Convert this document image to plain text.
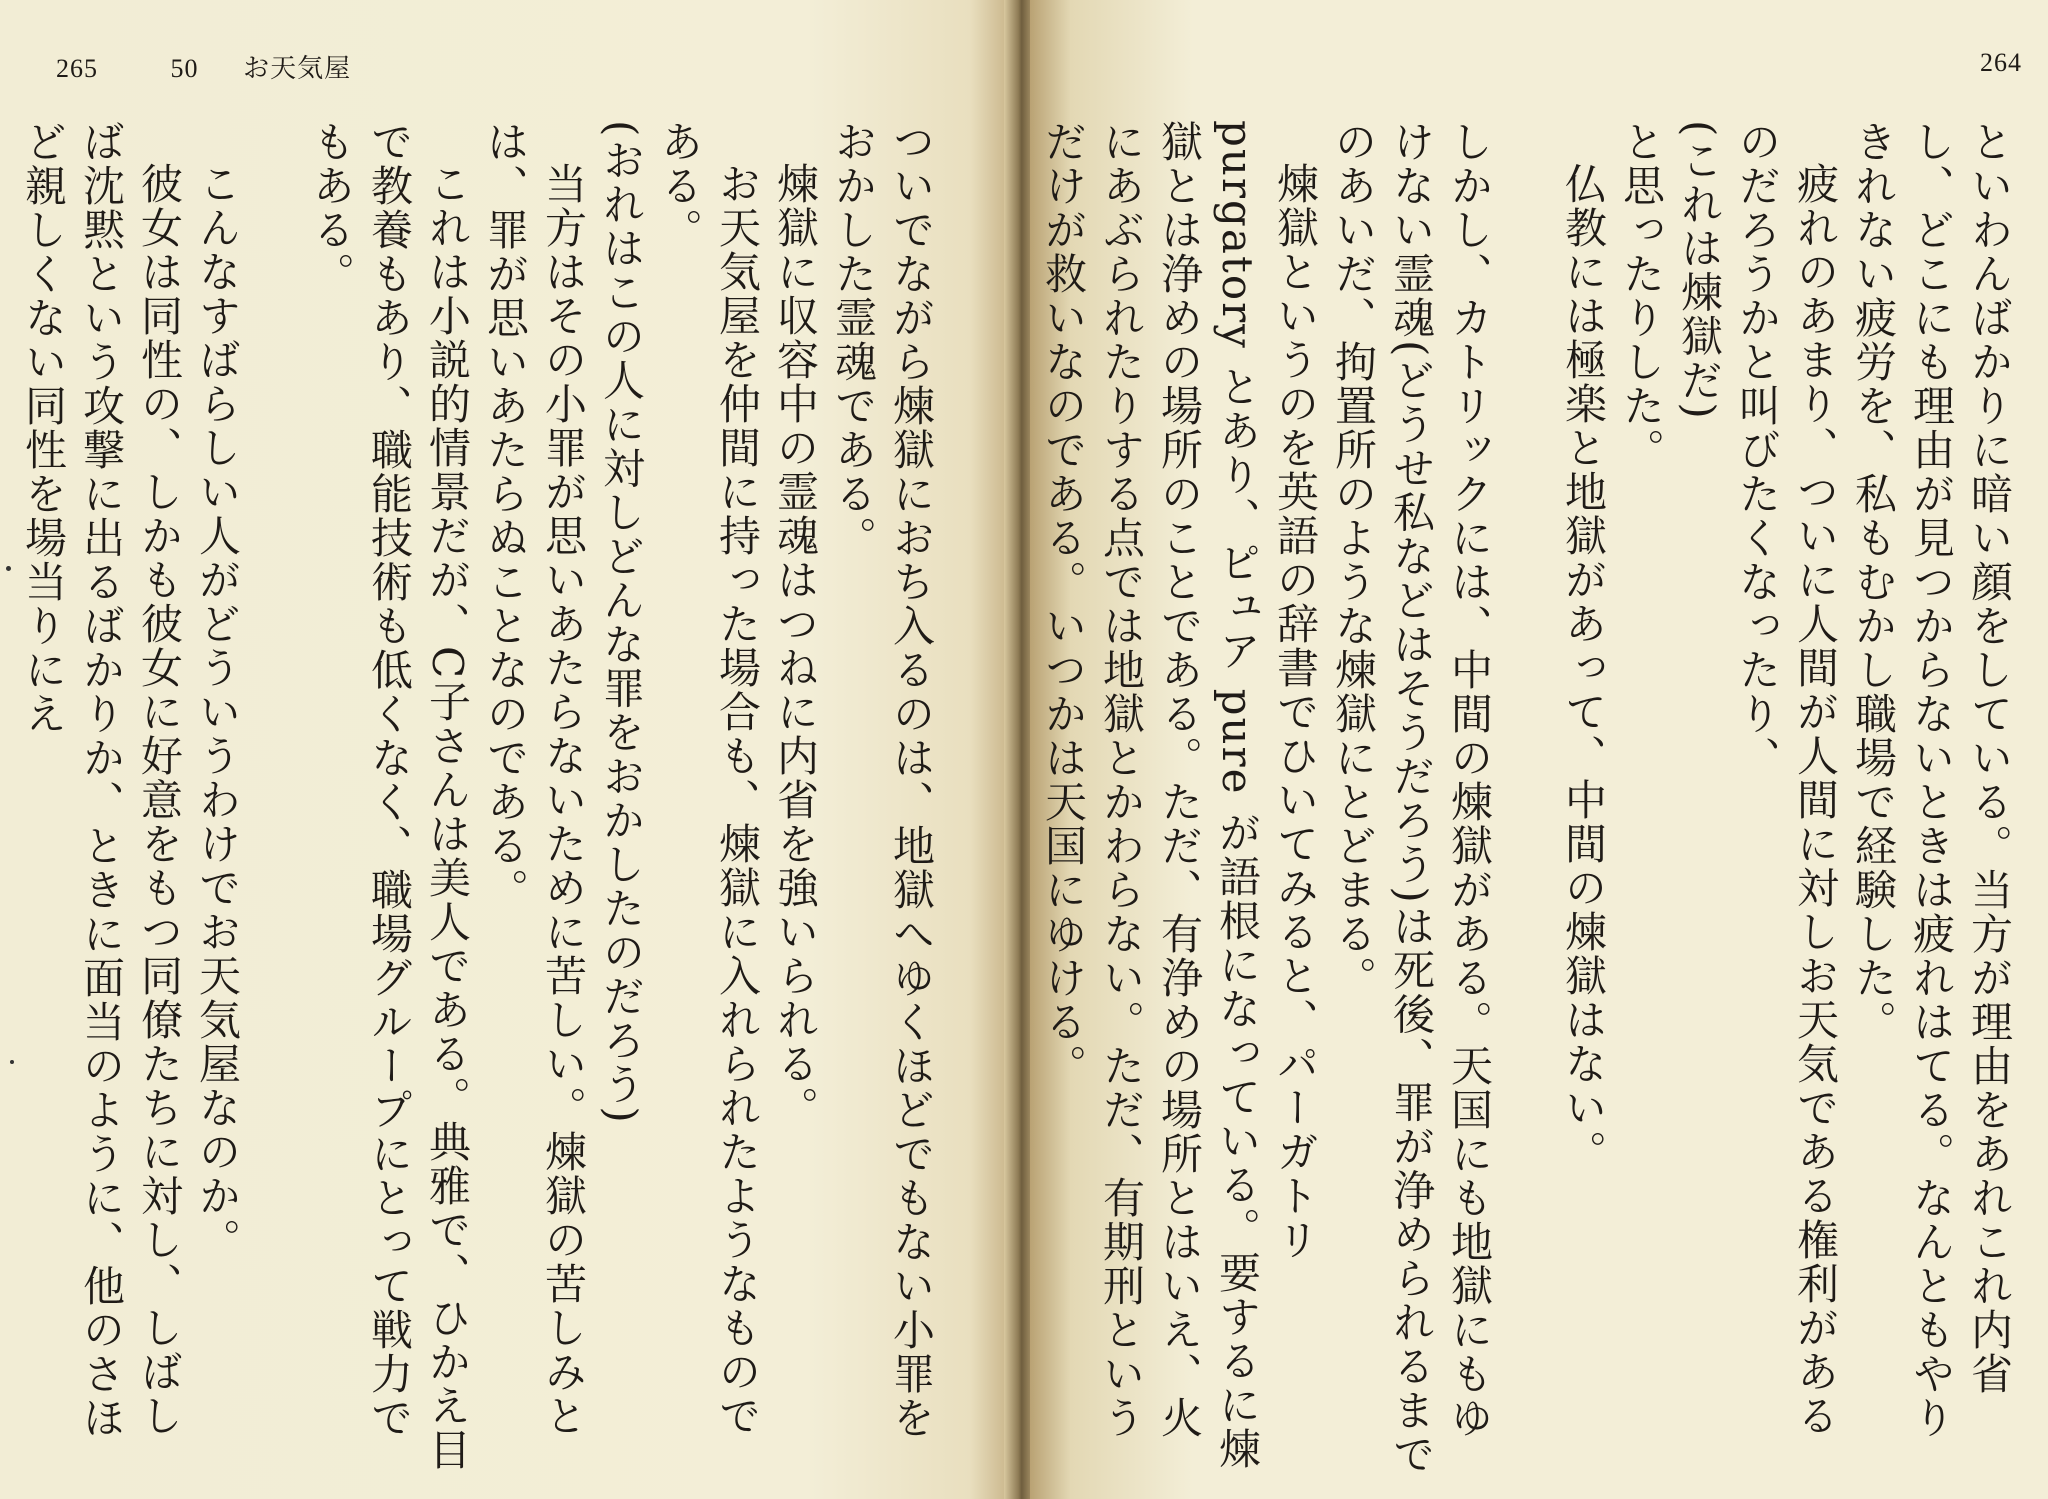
265	50 お天気屋

ついでながら煉獄におち入るのは、地獄へゆくほどでもない小罪をおかした霊魂である。

煉獄に収容中の霊魂はつねに内省を強いられる。

お天気屋を仲間に持った場合も、煉獄に入れられたようなものである。

(おれはこの人に対しどんな罪をおかしたのだろう)

当方はその小罪が思いあたらないために苦しい。煉獄の苦しみとは、罪が思いあたらぬことなのである。

これは小説的情景だが、C子さんは美人である。典雅で、ひかえ目で教養もあり、職能技術も低くなく、職場グループにとって戦力でもある。

こんなすばらしい人がどういうわけでお天気屋なのか。

彼女は同性の、しかも彼女に好意をもつ同僚たちに対し、しばしば沈黙という攻撃に出るばかりか、ときに面当のように、他のさほど親しくない同性を場当りにえ

264

といわんばかりに暗い顔をしている。当方が理由をあれこれ内省し、どこにも理由が見つからないときは疲れはてる。なんともやりきれない疲労を、私もむかし職場で経験した。

疲れのあまり、ついに人間が人間に対しお天気である権利があるのだろうかと叫びたくなったり、

(これは煉獄だ)

と思ったりした。

仏教には極楽と地獄があって、中間の煉獄はない。

しかし、カトリックには、中間の煉獄がある。天国にも地獄にもゆけない霊魂(どうせ私などはそうだろう)は死後、罪が浄められるまでのあいだ、拘置所のような煉獄にとどまる。

煉獄というのを英語の辞書でひいてみると、パーガトリ purgatory とあり、ピュア pure が語根になっている。要するに煉獄とは浄めの場所のことである。ただ、有浄めの場所とはいえ、火にあぶられたりする点では地獄とかわらない。ただ、有期刑というだけが救いなのである。いつかは天国にゆける。
